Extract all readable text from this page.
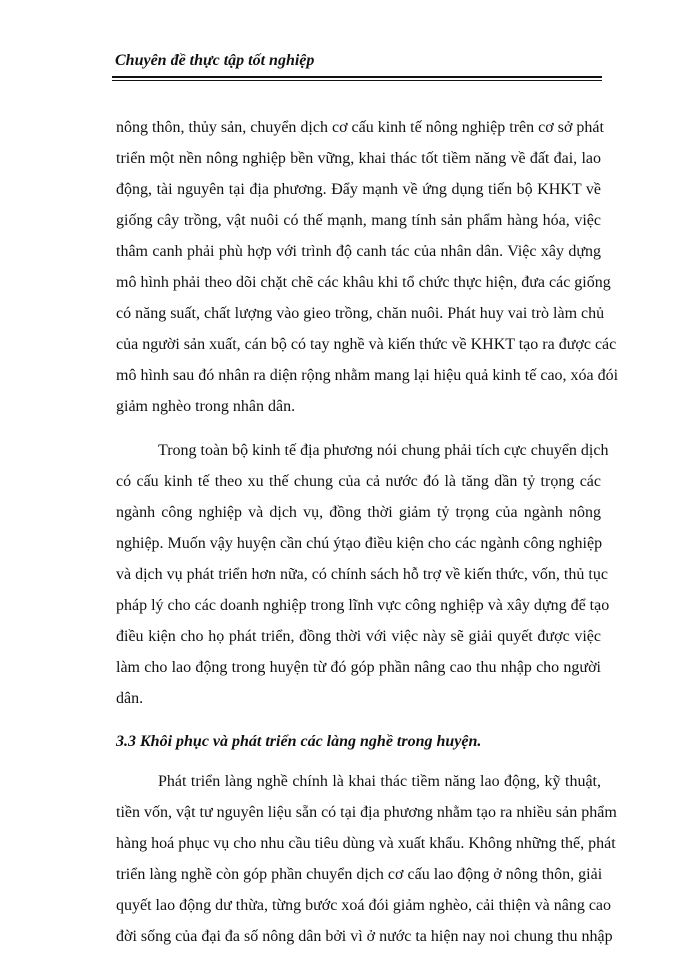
Chuyên đề thực tập tốt nghiệp
nông thôn, thủy sản, chuyển dịch cơ cấu kinh tế nông nghiệp trên cơ sở phát
triển một nền nông nghiệp bền vững, khai thác tốt tiềm năng về đất đai, lao
động, tài nguyên tại địa phương. Đẩy mạnh về ứng dụng tiến bộ KHKT về
giống cây trồng, vật nuôi có thế mạnh, mang tính sản phẩm hàng hóa, việc
thâm canh phải phù hợp với trình độ canh tác của nhân dân. Việc xây dựng
mô hình phải theo dõi chặt chẽ các khâu khi tổ chức thực hiện, đưa các giống
có năng suất, chất lượng vào gieo trồng, chăn nuôi. Phát huy vai trò làm chủ
của người sản xuất, cán bộ có tay nghề và kiến thức về KHKT tạo ra được các
mô hình sau đó nhân ra diện rộng nhằm mang lại hiệu quả kinh tế cao, xóa đói
giảm nghèo trong nhân dân.
Trong toàn bộ kinh tế địa phương nói chung phải tích cực chuyển dịch
có cấu kinh tế theo xu thế chung của cả nước đó là tăng dần tỷ trọng các
ngành công nghiệp và dịch vụ, đồng thời giảm tỷ trọng của ngành nông
nghiệp. Muốn vậy huyện cần chú ýtạo điều kiện cho các ngành công nghiệp
và dịch vụ phát triển hơn nữa, có chính sách hỗ trợ về kiến thức, vốn, thủ tục
pháp lý cho các doanh nghiệp trong lĩnh vực công nghiệp và xây dựng để tạo
điều kiện cho họ phát triển, đồng thời với việc này sẽ giải quyết được việc
làm cho lao động trong huyện từ đó góp phần nâng cao thu nhập cho người
dân.
3.3 Khôi phục và phát triển các làng nghề trong huyện.
Phát triển làng nghề chính là khai thác tiềm năng lao động, kỹ thuật,
tiền vốn, vật tư nguyên liệu sẵn có tại địa phương nhằm tạo ra nhiều sản phẩm
hàng hoá phục vụ cho nhu cầu tiêu dùng và xuất khẩu. Không những thế, phát
triển làng nghề còn góp phần chuyển dịch cơ cấu lao động ở nông thôn, giải
quyết lao động dư thừa, từng bước xoá đói giảm nghèo, cải thiện và nâng cao
đời sống của đại đa số nông dân bởi vì ở nước ta hiện nay noi chung thu nhập
